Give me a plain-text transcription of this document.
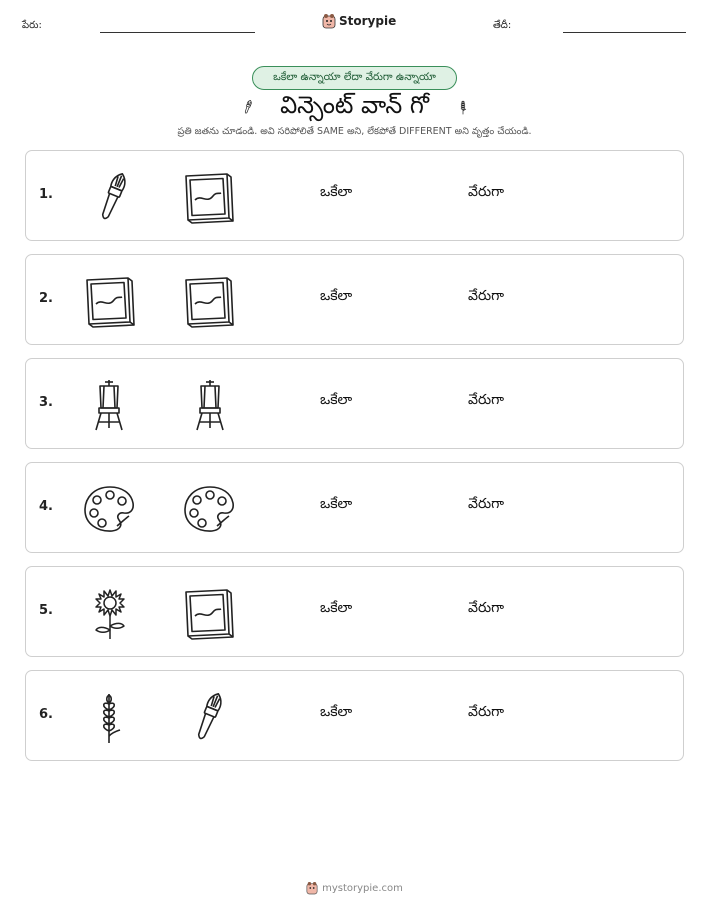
పేరు:	Storypie	తేదీ:
ఒకేలా ఉన్నాయా లేదా వేరుగా ఉన్నాయా
విన్సెంట్ వాన్ గో
ప్రతి జతను చూడండి. అవి సరిపోలితే SAME అని, లేకపోతే DIFFERENT అని వృత్తం చేయండి.
1.	ఒకేలా	వేరుగా
2.	ఒకేలా	వేరుగా
3.	ఒకేలా	వేరుగా
4.	ఒకేలా	వేరుగా
5.	ఒకేలా	వేరుగా
6.	ఒకేలా	వేరుగా
mystorypie.com
